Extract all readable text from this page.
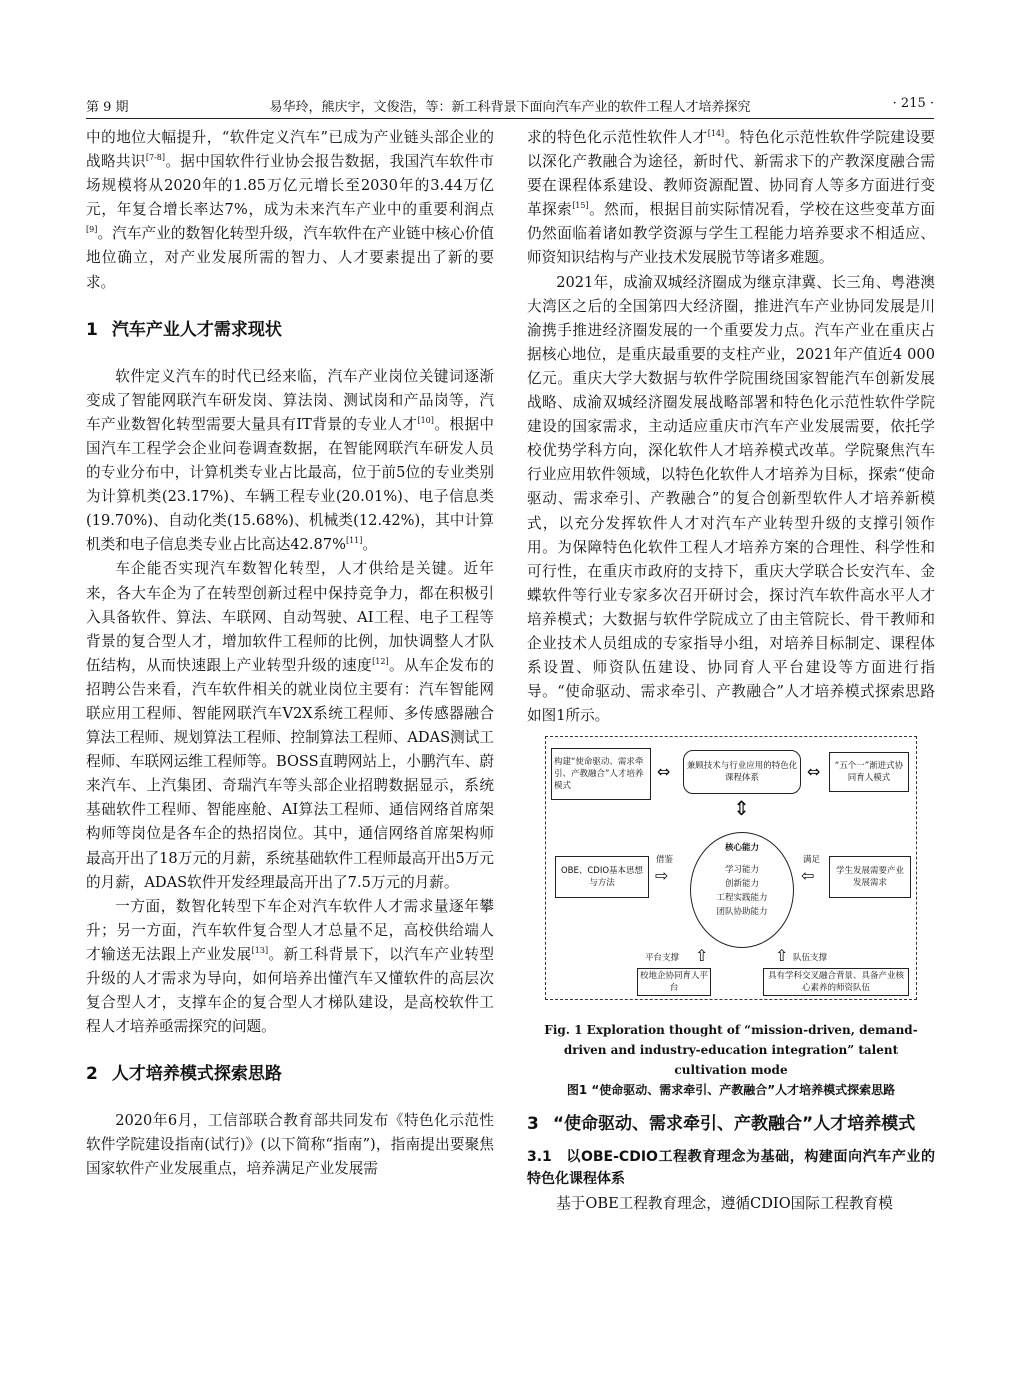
第 9 期	易华玲，熊庆宇，文俊浩，等：新工科背景下面向汽车产业的软件工程人才培养探究	· 215 ·

中的地位大幅提升，“软件定义汽车”已成为产业链头部企业的战略共识[7-8]。据中国软件行业协会报告数据，我国汽车软件市场规模将从2020年的1.85万亿元增长至2030年的3.44万亿元，年复合增长率达7%，成为未来汽车产业中的重要利润点[9]。汽车产业的数智化转型升级，汽车软件在产业链中核心价值地位确立，对产业发展所需的智力、人才要素提出了新的要求。

1 汽车产业人才需求现状

软件定义汽车的时代已经来临，汽车产业岗位关键词逐渐变成了智能网联汽车研发岗、算法岗、测试岗和产品岗等，汽车产业数智化转型需要大量具有IT背景的专业人才[10]。根据中国汽车工程学会企业问卷调查数据，在智能网联汽车研发人员的专业分布中，计算机类专业占比最高，位于前5位的专业类别为计算机类(23.17%)、车辆工程专业(20.01%)、电子信息类(19.70%)、自动化类(15.68%)、机械类(12.42%)，其中计算机类和电子信息类专业占比高达42.87%[11]。

车企能否实现汽车数智化转型，人才供给是关键。近年来，各大车企为了在转型创新过程中保持竞争力，都在积极引入具备软件、算法、车联网、自动驾驶、AI工程、电子工程等背景的复合型人才，增加软件工程师的比例，加快调整人才队伍结构，从而快速跟上产业转型升级的速度[12]。从车企发布的招聘公告来看，汽车软件相关的就业岗位主要有：汽车智能网联应用工程师、智能网联汽车V2X系统工程师、多传感器融合算法工程师、规划算法工程师、控制算法工程师、ADAS测试工程师、车联网运维工程师等。BOSS直聘网站上，小鹏汽车、蔚来汽车、上汽集团、奇瑞汽车等头部企业招聘数据显示，系统基础软件工程师、智能座舱、AI算法工程师、通信网络首席架构师等岗位是各车企的热招岗位。其中，通信网络首席架构师最高开出了18万元的月薪，系统基础软件工程师最高开出5万元的月薪，ADAS软件开发经理最高开出了7.5万元的月薪。

一方面，数智化转型下车企对汽车软件人才需求量逐年攀升；另一方面，汽车软件复合型人才总量不足，高校供给端人才输送无法跟上产业发展[13]。新工科背景下，以汽车产业转型升级的人才需求为导向，如何培养出懂汽车又懂软件的高层次复合型人才，支撑车企的复合型人才梯队建设，是高校软件工程人才培养亟需探究的问题。

2 人才培养模式探索思路

2020年6月，工信部联合教育部共同发布《特色化示范性软件学院建设指南(试行)》(以下简称“指南”)，指南提出要聚焦国家软件产业发展重点，培养满足产业发展需

求的特色化示范性软件人才[14]。特色化示范性软件学院建设要以深化产教融合为途径，新时代、新需求下的产教深度融合需要在课程体系建设、教师资源配置、协同育人等多方面进行变革探索[15]。然而，根据目前实际情况看，学校在这些变革方面仍然面临着诸如教学资源与学生工程能力培养要求不相适应、师资知识结构与产业技术发展脱节等诸多难题。

2021年，成渝双城经济圈成为继京津冀、长三角、粤港澳大湾区之后的全国第四大经济圈，推进汽车产业协同发展是川渝携手推进经济圈发展的一个重要发力点。汽车产业在重庆占据核心地位，是重庆最重要的支柱产业，2021年产值近4 000亿元。重庆大学大数据与软件学院围绕国家智能汽车创新发展战略、成渝双城经济圈发展战略部署和特色化示范性软件学院建设的国家需求，主动适应重庆市汽车产业发展需要，依托学校优势学科方向，深化软件人才培养模式改革。学院聚焦汽车行业应用软件领域，以特色化软件人才培养为目标，探索“使命驱动、需求牵引、产教融合”的复合创新型软件人才培养新模式，以充分发挥软件人才对汽车产业转型升级的支撑引领作用。为保障特色化软件工程人才培养方案的合理性、科学性和可行性，在重庆市政府的支持下，重庆大学联合长安汽车、金蝶软件等行业专家多次召开研讨会，探讨汽车软件高水平人才培养模式；大数据与软件学院成立了由主管院长、骨干教师和企业技术人员组成的专家指导小组，对培养目标制定、课程体系设置、师资队伍建设、协同育人平台建设等方面进行指导。“使命驱动、需求牵引、产教融合”人才培养模式探索思路如图1所示。

构建“使命驱动、需求牵引、产教融合”人才培养模式
⇔	兼顾技术与行业应用的特色化课程体系	⇔	“五个一”渐进式协同育人模式
⇕
OBE、CDIO基本思想与方法
借鉴
⇨
核心能力
学习能力
创新能力
工程实践能力
团队协助能力
满足
⇦	学生发展需要产业发展需求
平台支撑 ⇧	⇧ 队伍支撑
校地企协同育人平台
具有学科交叉融合背景、具备产业核心素养的师资队伍
Fig. 1 Exploration thought of “mission-driven, demand-driven and industry-education integration” talent cultivation mode
图1 “使命驱动、需求牵引、产教融合”人才培养模式探索思路
3 “使命驱动、需求牵引、产教融合”人才培养模式
3.1 以OBE-CDIO工程教育理念为基础，构建面向汽车产业的特色化课程体系

基于OBE工程教育理念，遵循CDIO国际工程教育模
